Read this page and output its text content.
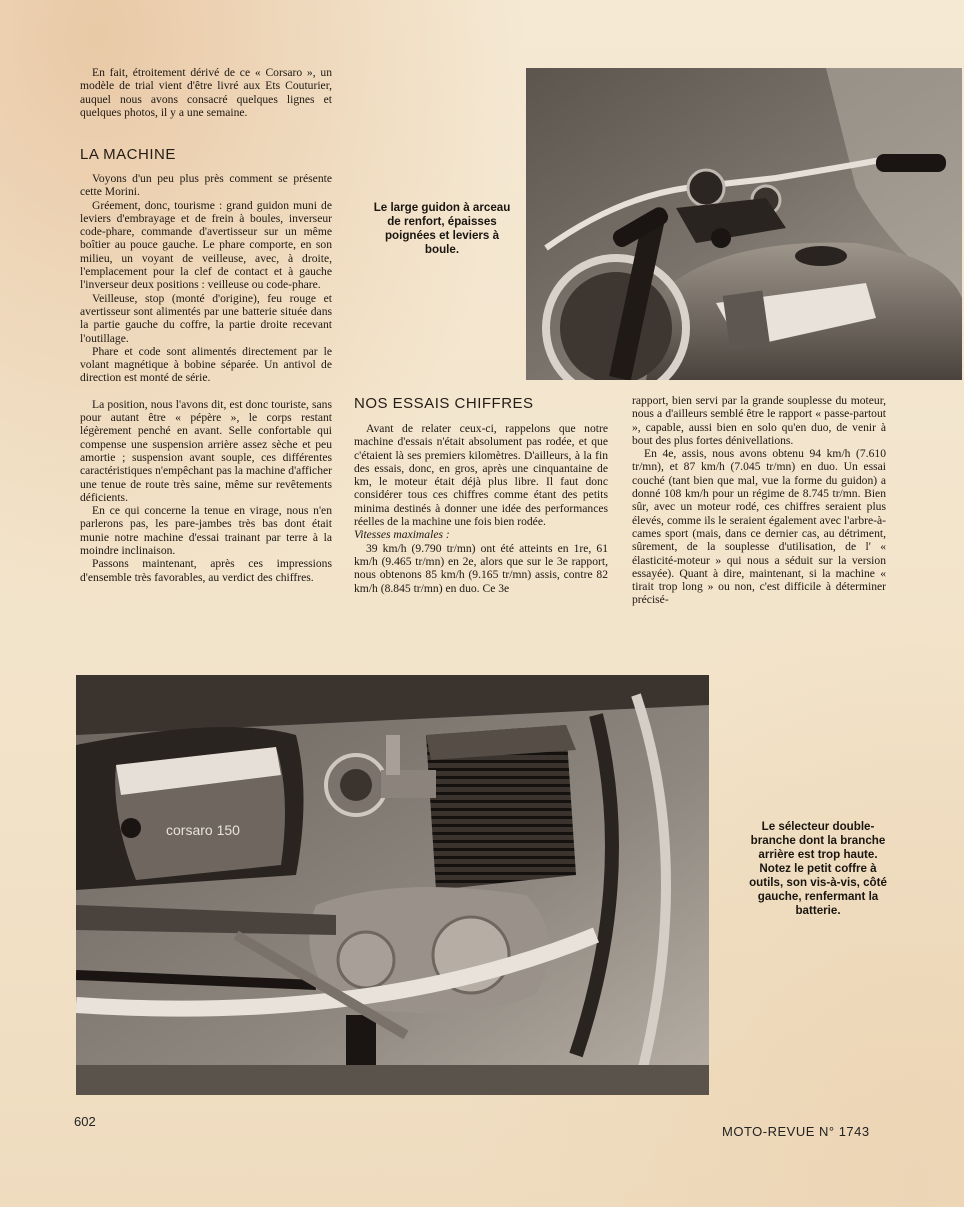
En fait, étroitement dérivé de ce « Corsaro », un modèle de trial vient d'être livré aux Ets Couturier, auquel nous avons consacré quelques lignes et quelques photos, il y a une semaine.

LA MACHINE

Voyons d'un peu plus près comment se présente cette Morini.

Gréement, donc, tourisme : grand guidon muni de leviers d'embrayage et de frein à boules, inverseur code-phare, commande d'avertisseur sur un même boîtier au pouce gauche. Le phare comporte, en son milieu, un voyant de veilleuse, avec, à droite, l'emplacement pour la clef de contact et à gauche l'inverseur deux positions : veilleuse ou code-phare.

Veilleuse, stop (monté d'origine), feu rouge et avertisseur sont alimentés par une batterie située dans la partie gauche du coffre, la partie droite recevant l'outillage.

Phare et code sont alimentés directement par le volant magnétique à bobine séparée. Un antivol de direction est monté de série.

La position, nous l'avons dit, est donc touriste, sans pour autant être « pépère », le corps restant légèrement penché en avant. Selle confortable qui compense une suspension arrière assez sèche et peu amortie ; suspension avant souple, ces différentes caractéristiques n'empêchant pas la machine d'afficher une tenue de route très saine, même sur revêtements déficients.

En ce qui concerne la tenue en virage, nous n'en parlerons pas, les pare-jambes très bas dont était munie notre machine d'essai trainant par terre à la moindre inclinaison.

Passons maintenant, après ces impressions d'ensemble très favorables, au verdict des chiffres.

Le large guidon à arceau de renfort, épaisses poignées et leviers à boule.
NOS ESSAIS CHIFFRES

Avant de relater ceux-ci, rappelons que notre machine d'essais n'était absolument pas rodée, et que c'étaient là ses premiers kilomètres. D'ailleurs, à la fin des essais, donc, en gros, après une cinquantaine de km, le moteur était déjà plus libre. Il faut donc considérer tous ces chiffres comme étant des petits minima destinés à donner une idée des performances réelles de la machine une fois bien rodée.

Vitesses maximales :

39 km/h (9.790 tr/mn) ont été atteints en 1re, 61 km/h (9.465 tr/mn) en 2e, alors que sur le 3e rapport, nous obtenons 85 km/h (9.165 tr/mn) assis, contre 82 km/h (8.845 tr/mn) en duo. Ce 3e

rapport, bien servi par la grande souplesse du moteur, nous a d'ailleurs semblé être le rapport « passe-partout », capable, aussi bien en solo qu'en duo, de venir à bout des plus fortes dénivellations.

En 4e, assis, nous avons obtenu 94 km/h (7.610 tr/mn), et 87 km/h (7.045 tr/mn) en duo. Un essai couché (tant bien que mal, vue la forme du guidon) a donné 108 km/h pour un régime de 8.745 tr/mn. Bien sûr, avec un moteur rodé, ces chiffres seraient plus élevés, comme ils le seraient également avec l'arbre-à-cames sport (mais, dans ce dernier cas, au détriment, sûrement, de la souplesse d'utilisation, de l' « élasticité-moteur » qui nous a séduit sur la version essayée). Quant à dire, maintenant, si la machine « tirait trop long » ou non, c'est difficile à déterminer précisé-

corsaro 150	Le sélecteur double-branche dont la branche arrière est trop haute. Notez le petit coffre à outils, son vis-à-vis, côté gauche, renfermant la batterie.
602
MOTO-REVUE N° 1743
